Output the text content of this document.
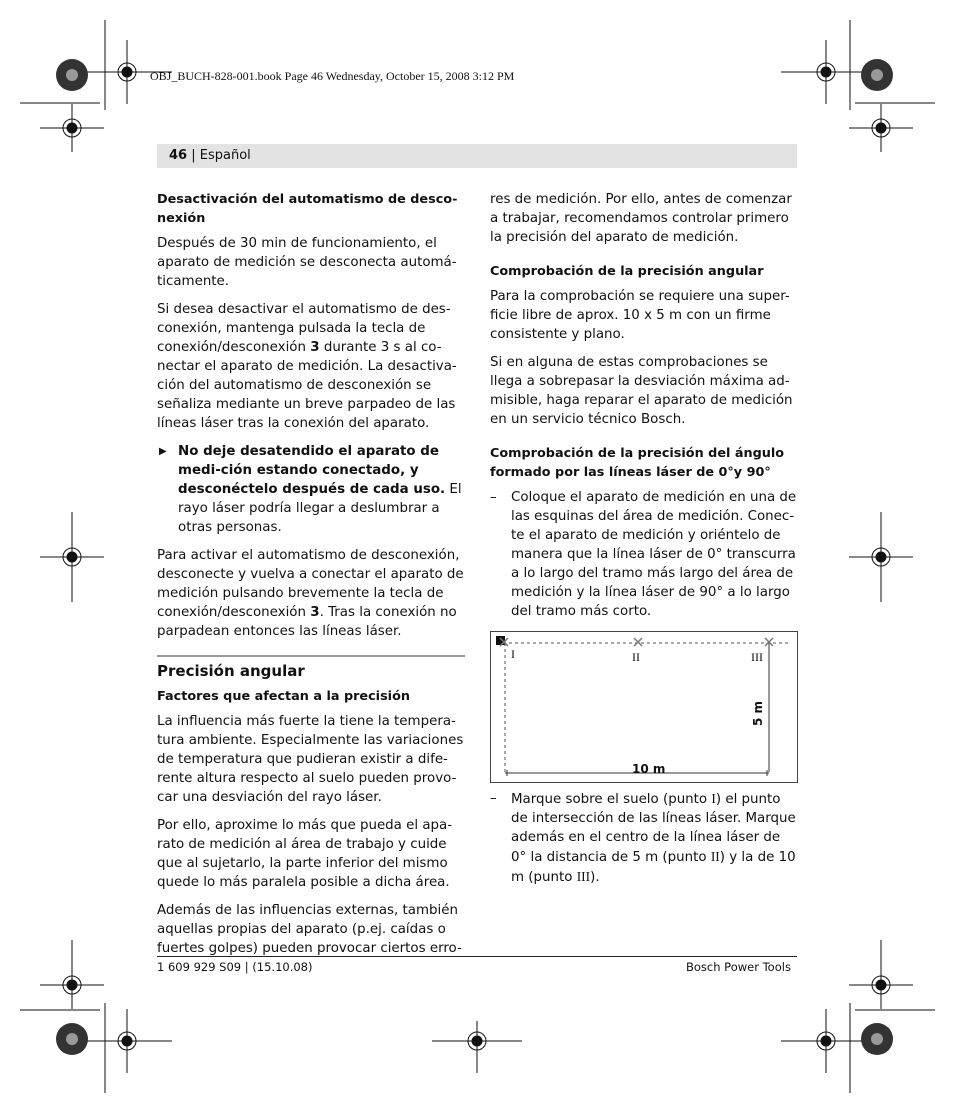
OBJ_BUCH-828-001.book Page 46 Wednesday, October 15, 2008 3:12 PM
46 | Español
Desactivación del automatismo de desco-nexión

Después de 30 min de funcionamiento, el aparato de medición se desconecta automá-ticamente.

Si desea desactivar el automatismo de des-conexión, mantenga pulsada la tecla de conexión/desconexión 3 durante 3 s al co-nectar el aparato de medición. La desactiva-ción del automatismo de desconexión se señaliza mediante un breve parpadeo de las líneas láser tras la conexión del aparato.

▶ No deje desatendido el aparato de medi-ción estando conectado, y desconéctelo después de cada uso. El rayo láser podría llegar a deslumbrar a otras personas.

Para activar el automatismo de desconexión, desconecte y vuelva a conectar el aparato de medición pulsando brevemente la tecla de conexión/desconexión 3. Tras la conexión no parpadean entonces las líneas láser.

Precisión angular
Factores que afectan a la precisión

La influencia más fuerte la tiene la tempera-tura ambiente. Especialmente las variaciones de temperatura que pudieran existir a dife-rente altura respecto al suelo pueden provo-car una desviación del rayo láser.

Por ello, aproxime lo más que pueda el apa-rato de medición al área de trabajo y cuide que al sujetarlo, la parte inferior del mismo quede lo más paralela posible a dicha área.

Además de las influencias externas, también aquellas propias del aparato (p.ej. caídas o fuertes golpes) pueden provocar ciertos erro-

res de medición. Por ello, antes de comenzar a trabajar, recomendamos controlar primero la precisión del aparato de medición.

Comprobación de la precisión angular

Para la comprobación se requiere una super-ficie libre de aprox. 10 x 5 m con un firme consistente y plano.

Si en alguna de estas comprobaciones se llega a sobrepasar la desviación máxima ad-misible, haga reparar el aparato de medición en un servicio técnico Bosch.

Comprobación de la precisión del ángulo formado por las líneas láser de 0°y 90°
– Coloque el aparato de medición en una de las esquinas del área de medición. Conec-te el aparato de medición y oriéntelo de manera que la línea láser de 0° transcurra a lo largo del tramo más largo del área de medición y la línea láser de 90° a lo largo del tramo más corto.
I	II	III
5 m
10 m
– Marque sobre el suelo (punto I) el punto de intersección de las líneas láser. Marque además en el centro de la línea láser de 0° la distancia de 5 m (punto II) y la de 10 m (punto III).
1 609 929 S09 | (15.10.08)	Bosch Power Tools
